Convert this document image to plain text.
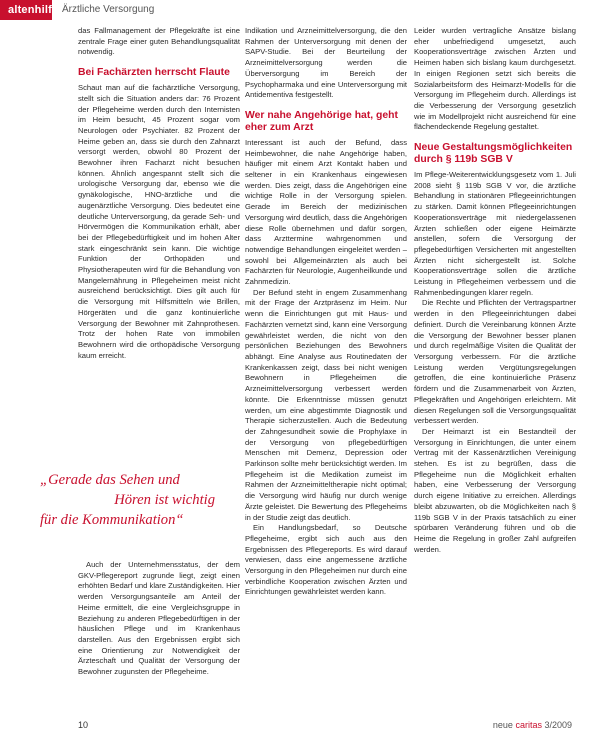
altenhilfe Ärztliche Versorgung

das Fallmanagement der Pflegekräfte ist eine zentrale Frage einer guten Behandlungsqualität notwendig.

Bei Fachärzten herrscht Flaute

Schaut man auf die fachärztliche Versorgung, stellt sich die Situation anders dar: 76 Prozent der Pflegeheime werden durch den Internisten im Heim besucht, 45 Prozent sogar vom Neurologen oder Psychiater. 82 Prozent der Heime geben an, dass sie durch den Zahnarzt versorgt werden, obwohl 80 Prozent der Bewohner ihren Facharzt nicht besuchen können. Ähnlich angespannt stellt sich die urologische Versorgung dar, ebenso wie die gynäkologische, HNO-ärztliche und die augenärztliche Versorgung. Dies bedeutet eine deutliche Unterversorgung, da gerade Seh- und Hörvermögen die Kommunikation erhält, aber bei der Pflegebedürftigkeit und im hohen Alter stark eingeschränkt sein kann. Die wichtige Funktion der Orthopäden und Physiotherapeuten wird für die Behandlung von Mangelernährung in Pflegeheimen meist nicht ausreichend berücksichtigt. Dies gilt auch für die Versorgung mit Hilfsmitteln wie Brillen, Hörgeräten und die ganz kontinuierliche Versorgung der Bewohner mit Zahnprothesen. Trotz der hohen Rate von immobilen Bewohnern wird die orthopädische Versorgung kaum erreicht.

„Gerade das Sehen und
Hören ist wichtig
für die Kommunikation“

Auch der Unternehmensstatus, der dem GKV-Pflegereport zugrunde liegt, zeigt einen erhöhten Bedarf und klare Zuständigkeiten. Hier werden Versorgungsanteile am Anteil der Heime ermittelt, die eine Vergleichsgruppe in Beziehung zu anderen Pflegebedürftigen in der häuslichen Pflege und im Krankenhaus darstellen. Aus den Ergebnissen ergibt sich eine Orientierung zur Notwendigkeit der Ärzteschaft und Qualität der Versorgung der Bewohner zugunsten der Pflegeheime.

Indikation und Arzneimittelversorgung, die den Rahmen der Unterversorgung mit denen der SAPV-Studie. Bei der Beurteilung der Arzneimittelversorgung werden die Überversorgung im Bereich der Psychopharmaka und eine Unterversorgung mit Antidementiva festgestellt.

Wer nahe Angehörige hat, geht eher zum Arzt

Interessant ist auch der Befund, dass Heimbewohner, die nahe Angehörige haben, häufiger mit einem Arzt Kontakt haben und seltener in ein Krankenhaus eingewiesen werden. Dies zeigt, dass die Angehörigen eine wichtige Rolle in der Versorgung spielen. Gerade im Bereich der medizinischen Versorgung wird deutlich, dass die Angehörigen diese Rolle übernehmen und dafür sorgen, dass Arzttermine wahrgenommen und notwendige Behandlungen eingeleitet werden – sowohl bei Allgemeinärzten als auch bei Fachärzten für Neurologie, Augenheilkunde und Zahnmedizin.

Der Befund steht in engem Zusammenhang mit der Frage der Arztpräsenz im Heim. Nur wenn die Einrichtungen gut mit Haus- und Fachärzten vernetzt sind, kann eine Versorgung gewährleistet werden, die nicht von den persönlichen Beziehungen des Bewohners abhängt. Eine Analyse aus Routinedaten der Krankenkassen zeigt, dass bei nicht wenigen Bewohnern in Pflegeheimen die Arzneimittelversorgung verbessert werden könnte. Die Erkenntnisse müssen genutzt werden, um eine abgestimmte Diagnostik und Therapie sicherzustellen. Auch die Bedeutung der Zahngesundheit sowie die Prophylaxe in der Versorgung von pflegebedürftigen Menschen mit Demenz, Depression oder Parkinson sollte mehr berücksichtigt werden. Im Pflegeheim ist die Medikation zumeist im Rahmen der Arzneimitteltherapie nicht optimal; die Versorgung wird häufig nur durch wenige Ärzte geleistet. Die Bewertung des Pflegeheims in der Studie zeigt das deutlich.

Ein Handlungsbedarf, so Deutsche Pflegeheime, ergibt sich auch aus den Ergebnissen des Pflegereports. Es wird darauf verwiesen, dass eine angemessene ärztliche Versorgung in den Pflegeheimen nur durch eine verbindliche Kooperation zwischen Ärzten und Einrichtungen gewährleistet werden kann.

Leider wurden vertragliche Ansätze bislang eher unbefriedigend umgesetzt, auch Kooperationsverträge zwischen Ärzten und Heimen haben sich bislang kaum durchgesetzt. In einigen Regionen setzt sich bereits die Sozialarbeitsform des Heimarzt-Modells für die Versorgung im Pflegeheim durch. Allerdings ist die Verbesserung der Versorgung gesetzlich wie im Modellprojekt nicht ausreichend für eine flächendeckende Regelung gestaltet.

Neue Gestaltungsmöglichkeiten durch § 119b SGB V

Im Pflege-Weiterentwicklungsgesetz vom 1. Juli 2008 sieht § 119b SGB V vor, die ärztliche Behandlung in stationären Pflegeeinrichtungen zu stärken. Damit können Pflegeeinrichtungen Kooperationsverträge mit niedergelassenen Ärzten schließen oder eigene Heimärzte anstellen, sofern die Versorgung der pflegebedürftigen Versicherten mit angestellten Ärzten nicht sichergestellt ist. Solche Kooperationsverträge sollen die ärztliche Leistung in Pflegeheimen verbessern und die Rahmenbedingungen klarer regeln.

Die Rechte und Pflichten der Vertragspartner werden in den Pflegeeinrichtungen dabei definiert. Durch die Vereinbarung können Ärzte die Versorgung der Bewohner besser planen und durch regelmäßige Visiten die Qualität der Versorgung verbessern. Für die ärztliche Leistung werden Vergütungsregelungen getroffen, die eine kontinuierliche Präsenz fördern und die Zusammenarbeit von Ärzten, Pflegekräften und Angehörigen erleichtern. Mit diesen Regelungen soll die Versorgungsqualität verbessert werden.

Der Heimarzt ist ein Bestandteil der Versorgung in Einrichtungen, die unter einem Vertrag mit der Kassenärztlichen Vereinigung stehen. Es ist zu begrüßen, dass die Pflegeheime nun die Möglichkeit erhalten haben, eine Verbesserung der Versorgung durch eigene Initiative zu erreichen. Allerdings bleibt abzuwarten, ob die Möglichkeiten nach § 119b SGB V in der Praxis tatsächlich zu einer spürbaren Veränderung führen und ob die Heime die Regelung in großer Zahl aufgreifen werden.

10	neue caritas 3/2009
